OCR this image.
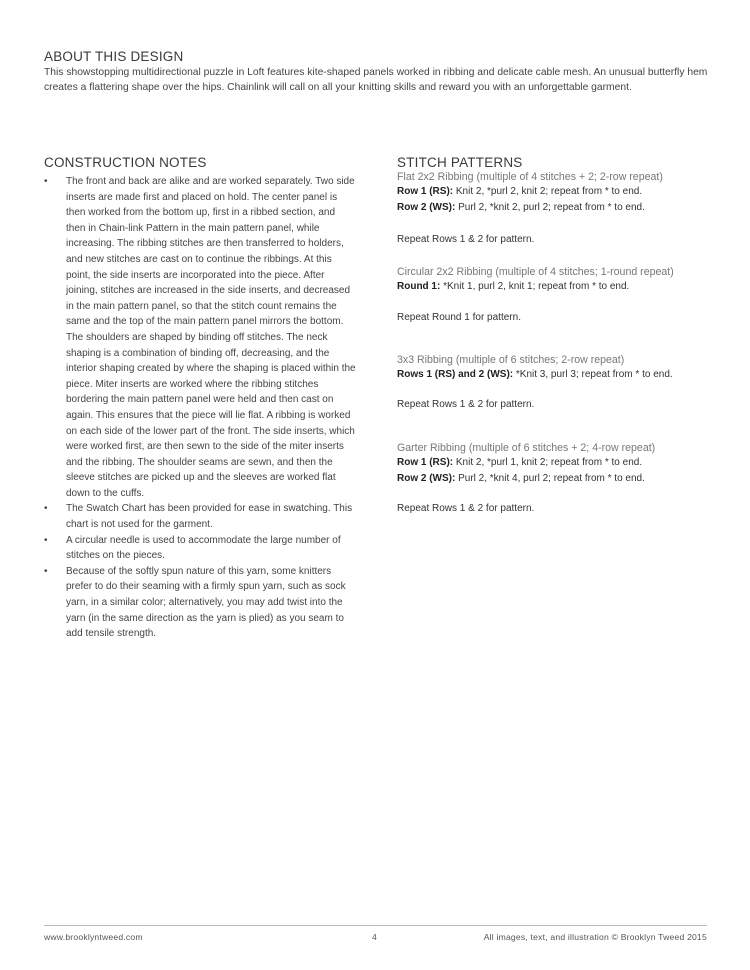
ABOUT THIS DESIGN

This showstopping multidirectional puzzle in Loft features kite-shaped panels worked in ribbing and delicate cable mesh. An unusual butterfly hem creates a flattering shape over the hips. Chainlink will call on all your knitting skills and reward you with an unforgettable garment.

CONSTRUCTION NOTES
• The front and back are alike and are worked separately. Two side inserts are made first and placed on hold. The center panel is then worked from the bottom up, first in a ribbed section, and then in Chain-link Pattern in the main pattern panel, while increasing. The ribbing stitches are then transferred to holders, and new stitches are cast on to continue the ribbings. At this point, the side inserts are incorporated into the piece. After joining, stitches are increased in the side inserts, and decreased in the main pattern panel, so that the stitch count remains the same and the top of the main pattern panel mirrors the bottom. The shoulders are shaped by binding off stitches. The neck shaping is a combination of binding off, decreasing, and the interior shaping created by where the shaping is placed within the piece. Miter inserts are worked where the ribbing stitches bordering the main pattern panel were held and then cast on again. This ensures that the piece will lie flat. A ribbing is worked on each side of the lower part of the front. The side inserts, which were worked first, are then sewn to the side of the miter inserts and the ribbing. The shoulder seams are sewn, and then the sleeve stitches are picked up and the sleeves are worked flat down to the cuffs.
• The Swatch Chart has been provided for ease in swatching. This chart is not used for the garment.
• A circular needle is used to accommodate the large number of stitches on the pieces.
• Because of the softly spun nature of this yarn, some knitters prefer to do their seaming with a firmly spun yarn, such as sock yarn, in a similar color; alternatively, you may add twist into the yarn (in the same direction as the yarn is plied) as you seam to add tensile strength.
STITCH PATTERNS

Flat 2x2 Ribbing (multiple of 4 stitches + 2; 2-row repeat)

Row 1 (RS): Knit 2, *purl 2, knit 2; repeat from * to end.

Row 2 (WS): Purl 2, *knit 2, purl 2; repeat from * to end.

Repeat Rows 1 & 2 for pattern.

Circular 2x2 Ribbing (multiple of 4 stitches; 1-round repeat)

Round 1: *Knit 1, purl 2, knit 1; repeat from * to end.

Repeat Round 1 for pattern.

3x3 Ribbing (multiple of 6 stitches; 2-row repeat)

Rows 1 (RS) and 2 (WS): *Knit 3, purl 3; repeat from * to end.

Repeat Rows 1 & 2 for pattern.

Garter Ribbing (multiple of 6 stitches + 2; 4-row repeat)

Row 1 (RS): Knit 2, *purl 1, knit 2; repeat from * to end.

Row 2 (WS): Purl 2, *knit 4, purl 2; repeat from * to end.

Repeat Rows 1 & 2 for pattern.

www.brooklyntweed.com	4	All images, text, and illustration © Brooklyn Tweed 2015
